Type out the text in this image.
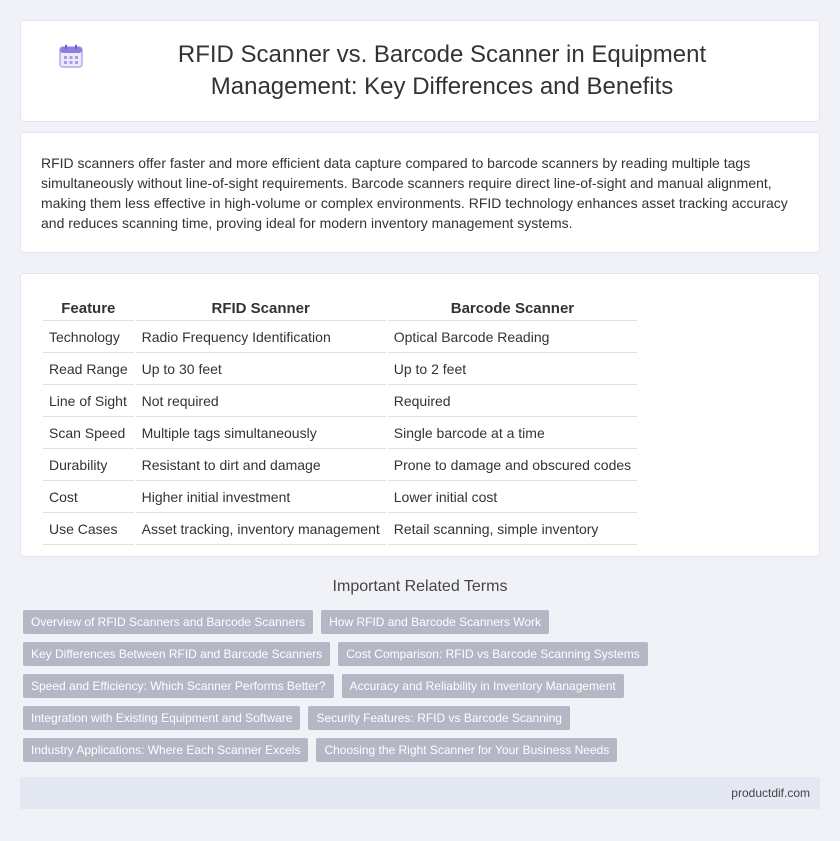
RFID Scanner vs. Barcode Scanner in Equipment Management: Key Differences and Benefits

RFID scanners offer faster and more efficient data capture compared to barcode scanners by reading multiple tags simultaneously without line-of-sight requirements. Barcode scanners require direct line-of-sight and manual alignment, making them less effective in high-volume or complex environments. RFID technology enhances asset tracking accuracy and reduces scanning time, proving ideal for modern inventory management systems.

Feature	RFID Scanner	Barcode Scanner
Technology	Radio Frequency Identification	Optical Barcode Reading
Read Range	Up to 30 feet	Up to 2 feet
Line of Sight	Not required	Required
Scan Speed	Multiple tags simultaneously	Single barcode at a time
Durability	Resistant to dirt and damage	Prone to damage and obscured codes
Cost	Higher initial investment	Lower initial cost
Use Cases	Asset tracking, inventory management	Retail scanning, simple inventory
Important Related Terms
Overview of RFID Scanners and Barcode Scanners	How RFID and Barcode Scanners Work
Key Differences Between RFID and Barcode Scanners	Cost Comparison: RFID vs Barcode Scanning Systems
Speed and Efficiency: Which Scanner Performs Better?	Accuracy and Reliability in Inventory Management
Integration with Existing Equipment and Software	Security Features: RFID vs Barcode Scanning
Industry Applications: Where Each Scanner Excels	Choosing the Right Scanner for Your Business Needs
productdif.com
